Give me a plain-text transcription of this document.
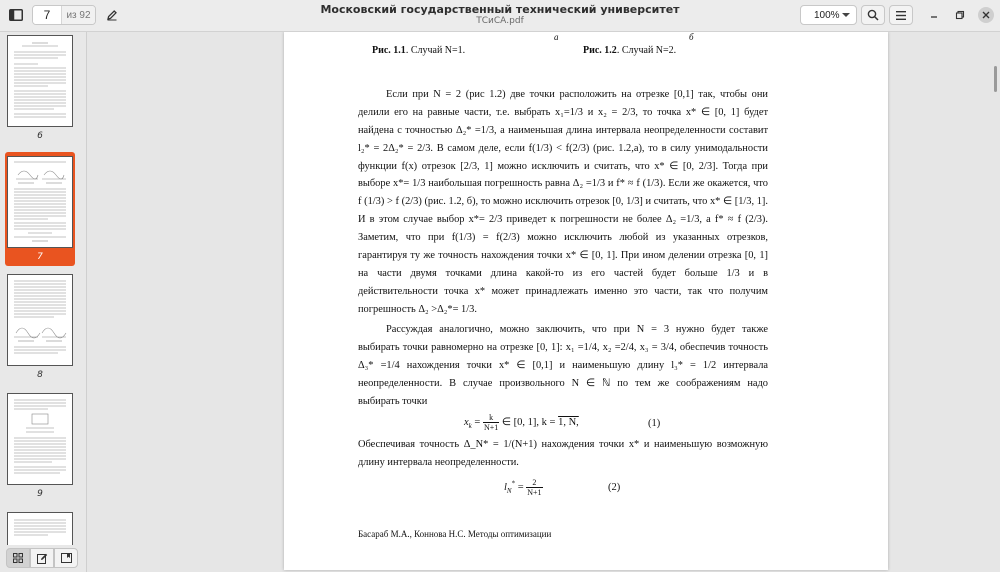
7
из 92	Московский государственный технический университет
ТСиСА.pdf
100%
6
7
8
9
а	б
Рис. 1.1. Случай N=1.	Рис. 1.2. Случай N=2.
Если при N = 2 (рис 1.2) две точки расположить на отрезке [0,1] так, чтобы они
делили его на равные части, т.е. выбрать x₁=1/3 и x₂ = 2/3, то точка x* ∈ [0, 1] будет
найдена с точностью Δ₂* =1/3, а наименьшая длина интервала неопределенности составит
l₂* = 2Δ₂* = 2/3. В самом деле, если f(1/3) < f(2/3) (рис. 1.2,а), то в силу унимодальности
функции f(x) отрезок [2/3, 1] можно исключить и считать, что x* ∈ [0, 2/3]. Тогда при
выборе x*= 1/3 наибольшая погрешность равна Δ₂ =1/3 и f* ≈ f (1/3). Если же окажется, что
f (1/3) > f (2/3) (рис. 1.2, б), то можно исключить отрезок [0, 1/3] и считать, что x* ∈ [1/3, 1].
И в этом случае выбор x*= 2/3 приведет к погрешности не более Δ₂ =1/3, а f* ≈ f (2/3).
Заметим, что при f(1/3) = f(2/3) можно исключить любой из указанных отрезков,
гарантируя ту же точность нахождения точки x* ∈ [0, 1]. При ином делении отрезка [0, 1]
на части двумя точками длина какой-то из его частей будет больше 1/3 и в
действительности точка x* может принадлежать именно это части, так что получим
погрешность Δ₂ >Δ₂*= 1/3.
Рассуждая аналогично, можно заключить, что при N = 3 нужно будет также
выбирать точки равномерно на отрезке [0, 1]: x₁ =1/4, x₂ =2/4, x₃ = 3/4, обеспечив точность
Δ₃* =1/4 нахождения точки x* ∈ [0,1] и наименьшую длину l₃* = 1/2 интервала
неопределенности. В случае произвольного N ∈ ℕ по тем же соображениям надо
выбирать точки
$x_k = \frac{k}{N+1}$ ∈ [0, 1], k = 1, N,	(1)
Обеспечивая точность Δ_N* = 1/(N+1) нахождения точки x* и наименьшую возможную
длину интервала неопределенности.
$l_N^* = \frac{2}{N+1}$	(2)
Басараб М.А., Коннова Н.С. Методы оптимизации
